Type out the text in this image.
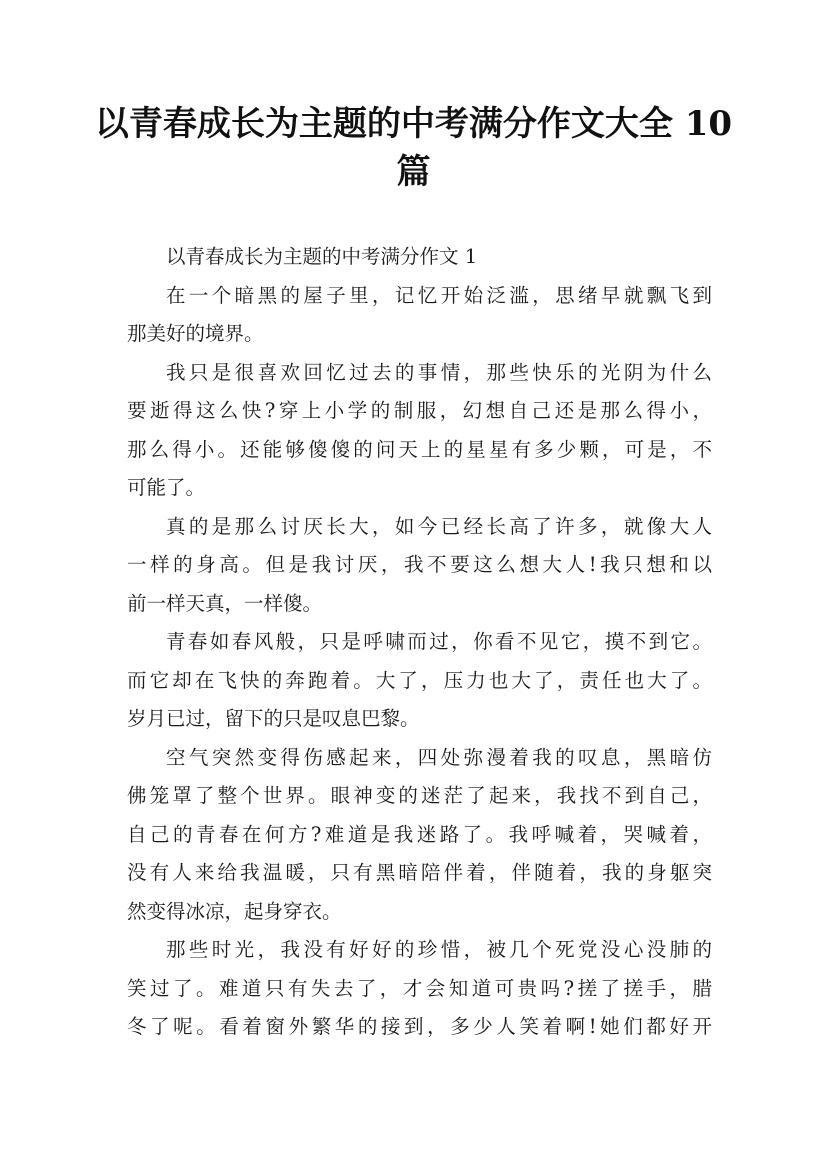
以青春成长为主题的中考满分作文大全 10
篇
以青春成长为主题的中考满分作文 1
在一个暗黑的屋子里，记忆开始泛滥，思绪早就飘飞到
那美好的境界。
我只是很喜欢回忆过去的事情，那些快乐的光阴为什么
要逝得这么快?穿上小学的制服，幻想自己还是那么得小，
那么得小。还能够傻傻的问天上的星星有多少颗，可是，不
可能了。
真的是那么讨厌长大，如今已经长高了许多，就像大人
一样的身高。但是我讨厌，我不要这么想大人!我只想和以
前一样天真，一样傻。
青春如春风般，只是呼啸而过，你看不见它，摸不到它。
而它却在飞快的奔跑着。大了，压力也大了，责任也大了。
岁月已过，留下的只是叹息巴黎。
空气突然变得伤感起来，四处弥漫着我的叹息，黑暗仿
佛笼罩了整个世界。眼神变的迷茫了起来，我找不到自己，
自己的青春在何方?难道是我迷路了。我呼喊着，哭喊着，
没有人来给我温暖，只有黑暗陪伴着，伴随着，我的身躯突
然变得冰凉，起身穿衣。
那些时光，我没有好好的珍惜，被几个死党没心没肺的
笑过了。难道只有失去了，才会知道可贵吗?搓了搓手，腊
冬了呢。看着窗外繁华的接到，多少人笑着啊!她们都好开
